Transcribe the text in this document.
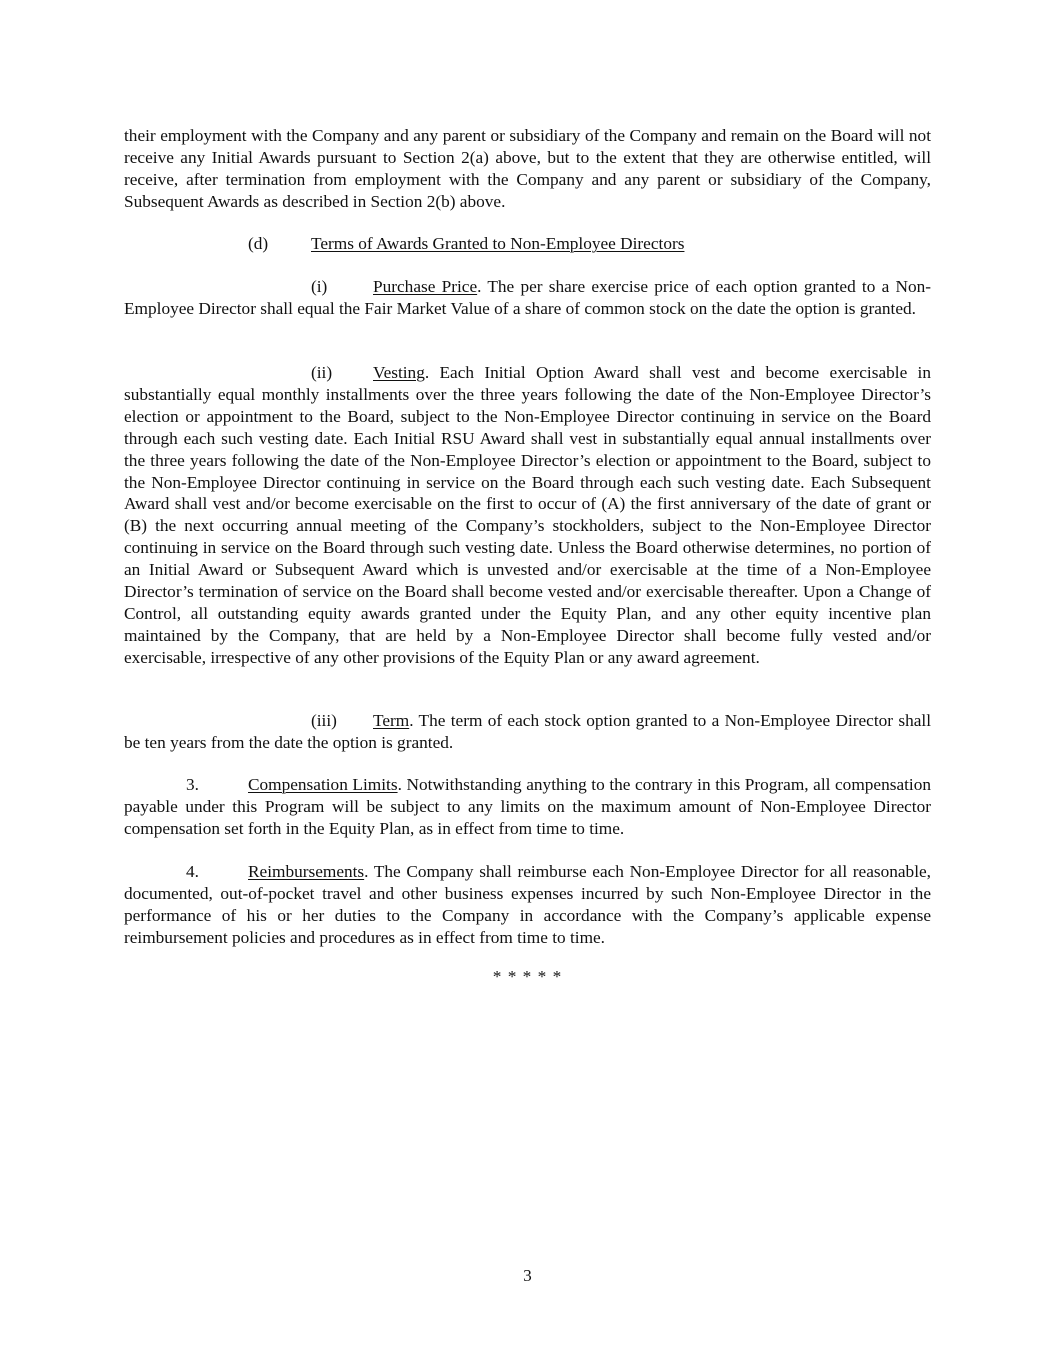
their employment with the Company and any parent or subsidiary of the Company and remain on the Board will not receive any Initial Awards pursuant to Section 2(a) above, but to the extent that they are otherwise entitled, will receive, after termination from employment with the Company and any parent or subsidiary of the Company, Subsequent Awards as described in Section 2(b) above.

(d) Terms of Awards Granted to Non-Employee Directors

(i)	Purchase Price. The per share exercise price of each option granted to a Non-Employee Director shall equal the Fair Market Value of a share of common stock on the date the option is granted.

(ii) Vesting. Each Initial Option Award shall vest and become exercisable in substantially equal monthly installments over the three years following the date of the Non-Employee Director’s election or appointment to the Board, subject to the Non-Employee Director continuing in service on the Board through each such vesting date. Each Initial RSU Award shall vest in substantially equal annual installments over the three years following the date of the Non-Employee Director’s election or appointment to the Board, subject to the Non-Employee Director continuing in service on the Board through each such vesting date. Each Subsequent Award shall vest and/or become exercisable on the first to occur of (A) the first anniversary of the date of grant or (B) the next occurring annual meeting of the Company’s stockholders, subject to the Non-Employee Director continuing in service on the Board through such vesting date. Unless the Board otherwise determines, no portion of an Initial Award or Subsequent Award which is unvested and/or exercisable at the time of a Non-Employee Director’s termination of service on the Board shall become vested and/or exercisable thereafter. Upon a Change of Control, all outstanding equity awards granted under the Equity Plan, and any other equity incentive plan maintained by the Company, that are held by a Non-Employee Director shall become fully vested and/or exercisable, irrespective of any other provisions of the Equity Plan or any award agreement.

(iii) Term. The term of each stock option granted to a Non-Employee Director shall be ten years from the date the option is granted.

3.	Compensation Limits. Notwithstanding anything to the contrary in this Program, all compensation payable under this Program will be subject to any limits on the maximum amount of Non-Employee Director compensation set forth in the Equity Plan, as in effect from time to time.

4.	Reimbursements. The Company shall reimburse each Non-Employee Director for all reasonable, documented, out-of-pocket travel and other business expenses incurred by such Non-Employee Director in the performance of his or her duties to the Company in accordance with the Company’s applicable expense reimbursement policies and procedures as in effect from time to time.

* * * * *
3
